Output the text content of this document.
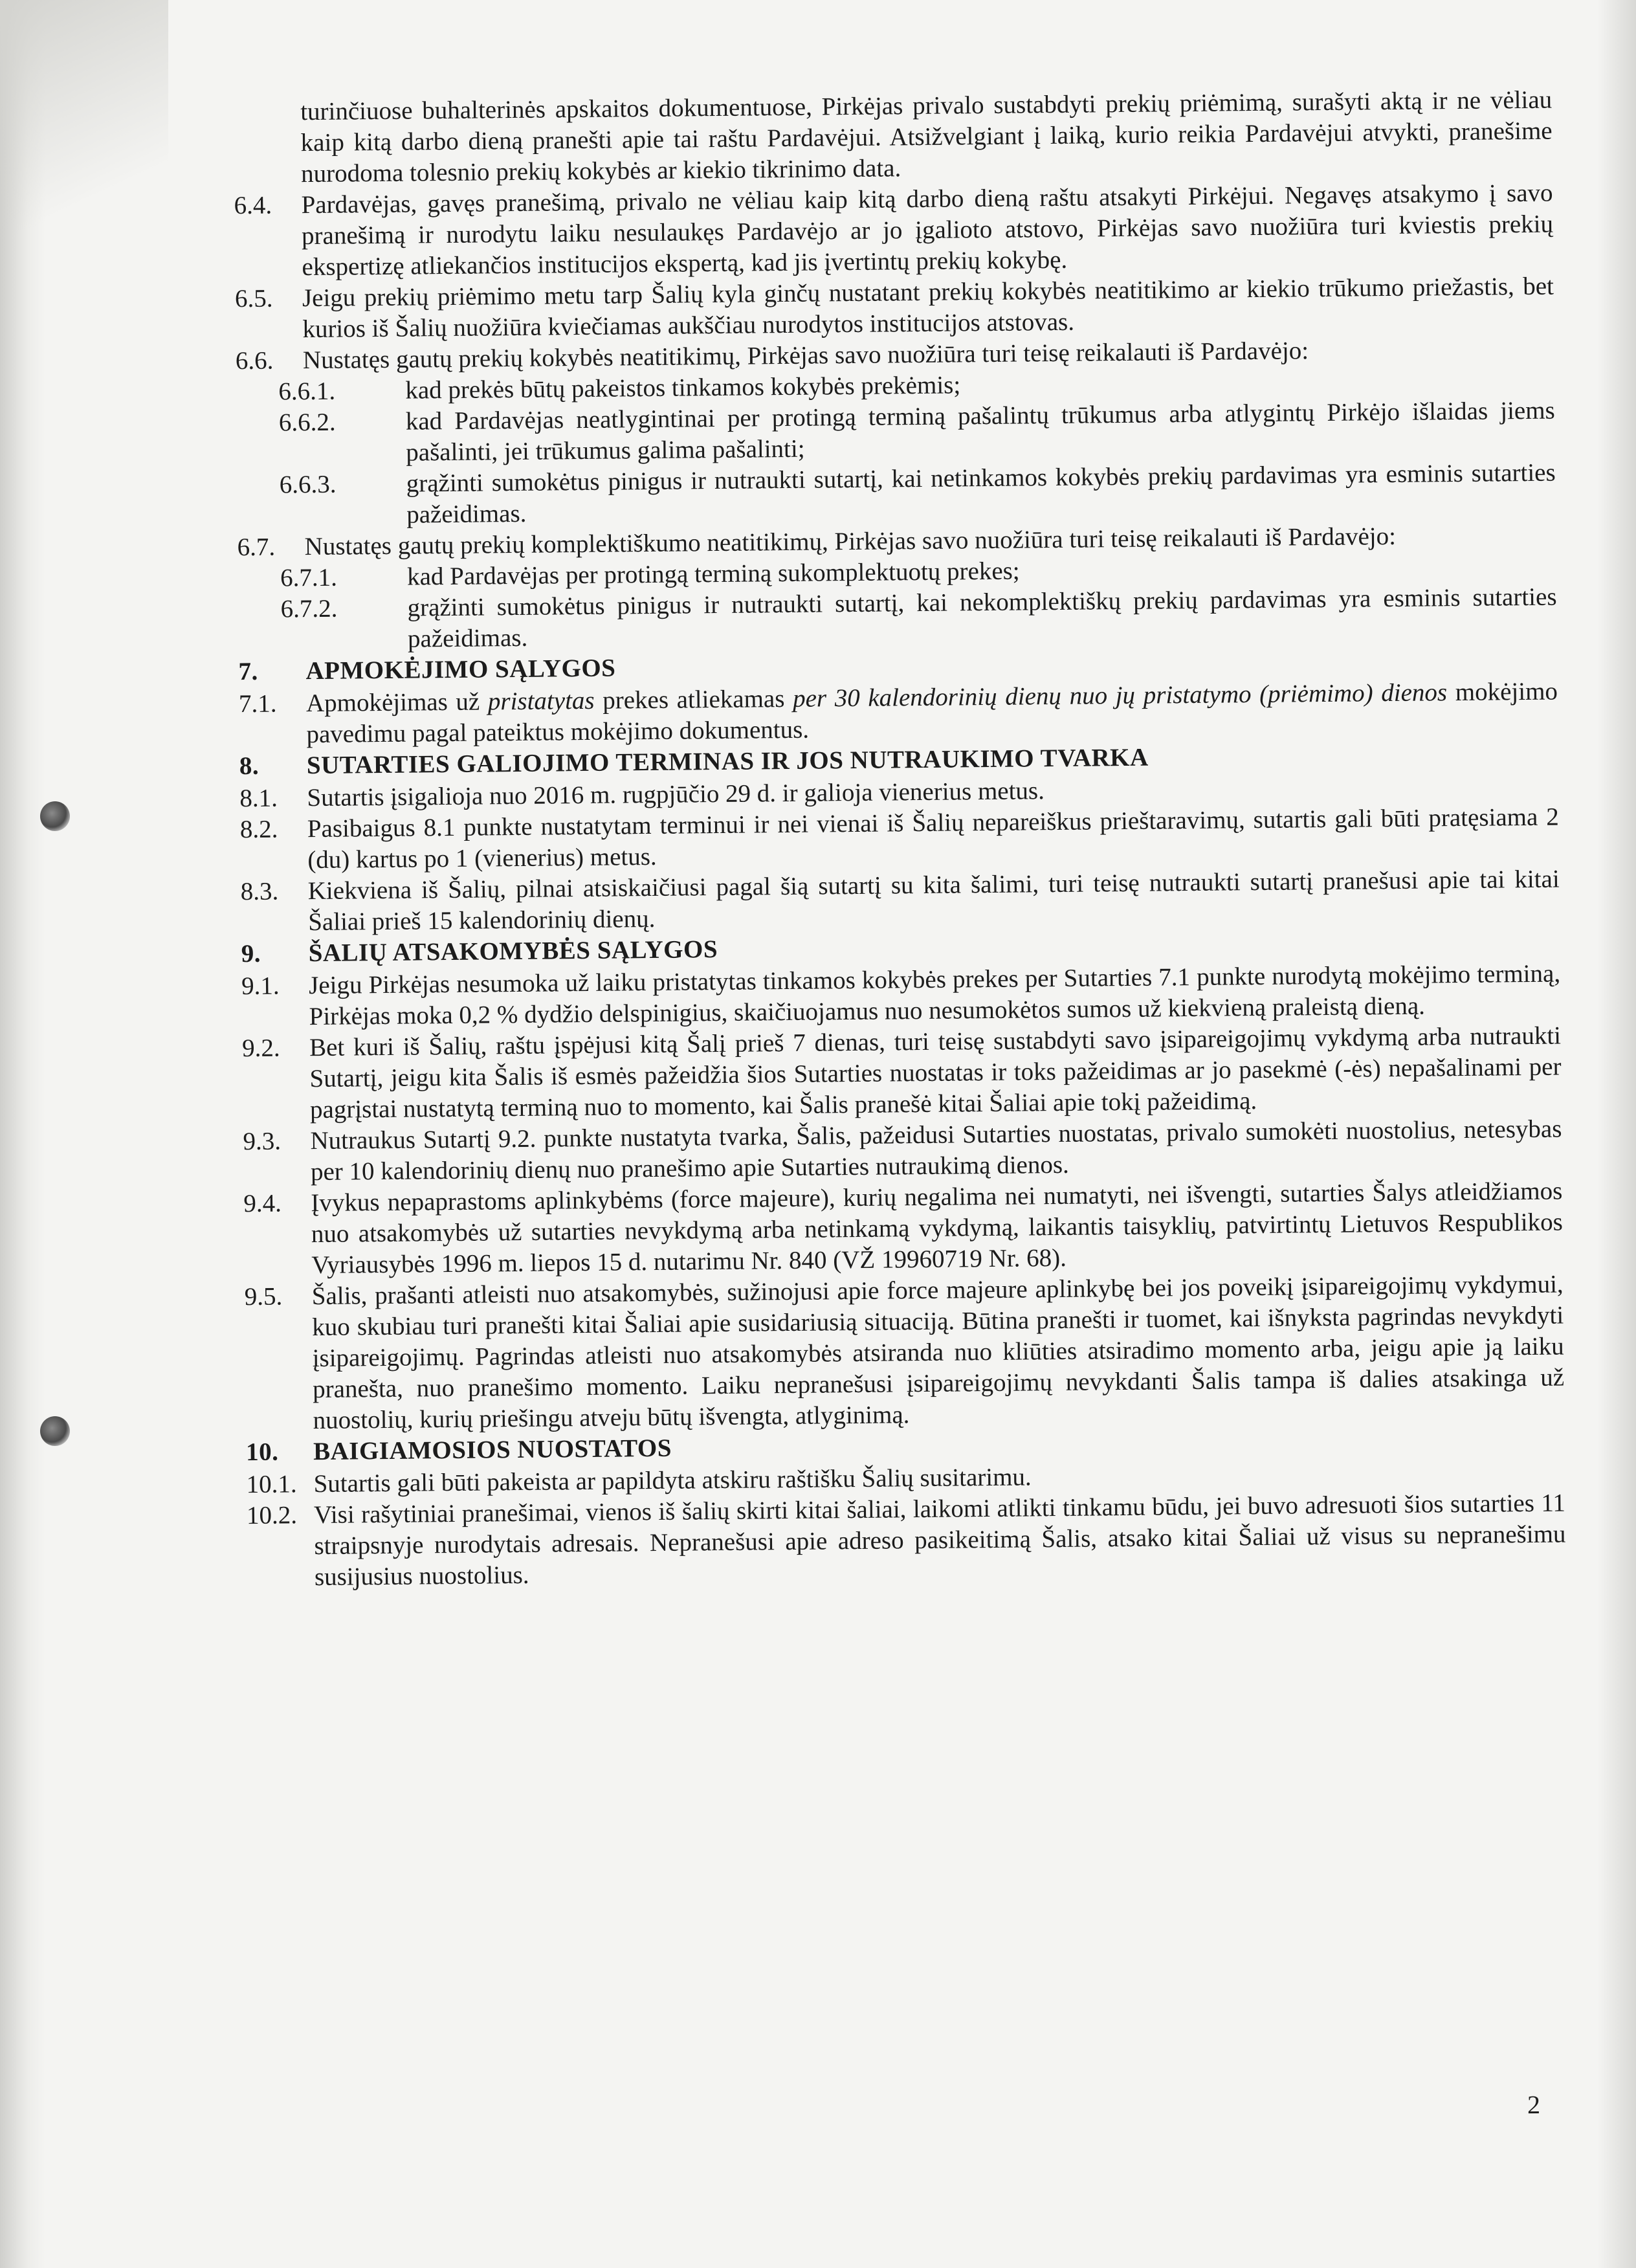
turinčiuose buhalterinės apskaitos dokumentuose, Pirkėjas privalo sustabdyti prekių priėmimą, surašyti aktą ir ne vėliau kaip kitą darbo dieną pranešti apie tai raštu Pardavėjui. Atsižvelgiant į laiką, kurio reikia Pardavėjui atvykti, pranešime nurodoma tolesnio prekių kokybės ar kiekio tikrinimo data.

6.4. Pardavėjas, gavęs pranešimą, privalo ne vėliau kaip kitą darbo dieną raštu atsakyti Pirkėjui. Negavęs atsakymo į savo pranešimą ir nurodytu laiku nesulaukęs Pardavėjo ar jo įgalioto atstovo, Pirkėjas savo nuožiūra turi kviestis prekių ekspertizę atliekančios institucijos ekspertą, kad jis įvertintų prekių kokybę.

6.5. Jeigu prekių priėmimo metu tarp Šalių kyla ginčų nustatant prekių kokybės neatitikimo ar kiekio trūkumo priežastis, bet kurios iš Šalių nuožiūra kviečiamas aukščiau nurodytos institucijos atstovas.

6.6. Nustatęs gautų prekių kokybės neatitikimų, Pirkėjas savo nuožiūra turi teisę reikalauti iš Pardavėjo:

6.6.1.	kad prekės būtų pakeistos tinkamos kokybės prekėmis;

6.6.2.	kad Pardavėjas neatlygintinai per protingą terminą pašalintų trūkumus arba atlygintų Pirkėjo išlaidas jiems pašalinti, jei trūkumus galima pašalinti;

6.6.3.	grąžinti sumokėtus pinigus ir nutraukti sutartį, kai netinkamos kokybės prekių pardavimas yra esminis sutarties pažeidimas.

6.7. Nustatęs gautų prekių komplektiškumo neatitikimų, Pirkėjas savo nuožiūra turi teisę reikalauti iš Pardavėjo:

6.7.1.	kad Pardavėjas per protingą terminą sukomplektuotų prekes;

6.7.2.	grąžinti sumokėtus pinigus ir nutraukti sutartį, kai nekomplektiškų prekių pardavimas yra esminis sutarties pažeidimas.

7. APMOKĖJIMO SĄLYGOS

7.1. Apmokėjimas už pristatytas prekes atliekamas per 30 kalendorinių dienų nuo jų pristatymo (priėmimo) dienos mokėjimo pavedimu pagal pateiktus mokėjimo dokumentus.

8. SUTARTIES GALIOJIMO TERMINAS IR JOS NUTRAUKIMO TVARKA

8.1. Sutartis įsigalioja nuo 2016 m. rugpjūčio 29 d. ir galioja vienerius metus.

8.2. Pasibaigus 8.1 punkte nustatytam terminui ir nei vienai iš Šalių nepareiškus prieštaravimų, sutartis gali būti pratęsiama 2 (du) kartus po 1 (vienerius) metus.

8.3. Kiekviena iš Šalių, pilnai atsiskaičiusi pagal šią sutartį su kita šalimi, turi teisę nutraukti sutartį pranešusi apie tai kitai Šaliai prieš 15 kalendorinių dienų.

9. ŠALIŲ ATSAKOMYBĖS SĄLYGOS

9.1. Jeigu Pirkėjas nesumoka už laiku pristatytas tinkamos kokybės prekes per Sutarties 7.1 punkte nurodytą mokėjimo terminą, Pirkėjas moka 0,2 % dydžio delspinigius, skaičiuojamus nuo nesumokėtos sumos už kiekvieną praleistą dieną.

9.2. Bet kuri iš Šalių, raštu įspėjusi kitą Šalį prieš 7 dienas, turi teisę sustabdyti savo įsipareigojimų vykdymą arba nutraukti Sutartį, jeigu kita Šalis iš esmės pažeidžia šios Sutarties nuostatas ir toks pažeidimas ar jo pasekmė (-ės) nepašalinami per pagrįstai nustatytą terminą nuo to momento, kai Šalis pranešė kitai Šaliai apie tokį pažeidimą.

9.3. Nutraukus Sutartį 9.2. punkte nustatyta tvarka, Šalis, pažeidusi Sutarties nuostatas, privalo sumokėti nuostolius, netesybas per 10 kalendorinių dienų nuo pranešimo apie Sutarties nutraukimą dienos.

9.4. Įvykus nepaprastoms aplinkybėms (force majeure), kurių negalima nei numatyti, nei išvengti, sutarties Šalys atleidžiamos nuo atsakomybės už sutarties nevykdymą arba netinkamą vykdymą, laikantis taisyklių, patvirtintų Lietuvos Respublikos Vyriausybės 1996 m. liepos 15 d. nutarimu Nr. 840 (VŽ 19960719 Nr. 68).

9.5. Šalis, prašanti atleisti nuo atsakomybės, sužinojusi apie force majeure aplinkybę bei jos poveikį įsipareigojimų vykdymui, kuo skubiau turi pranešti kitai Šaliai apie susidariusią situaciją. Būtina pranešti ir tuomet, kai išnyksta pagrindas nevykdyti įsipareigojimų. Pagrindas atleisti nuo atsakomybės atsiranda nuo kliūties atsiradimo momento arba, jeigu apie ją laiku pranešta, nuo pranešimo momento. Laiku nepranešusi įsipareigojimų nevykdanti Šalis tampa iš dalies atsakinga už nuostolių, kurių priešingu atveju būtų išvengta, atlyginimą.

10. BAIGIAMOSIOS NUOSTATOS

10.1. Sutartis gali būti pakeista ar papildyta atskiru raštišku Šalių susitarimu.

10.2. Visi rašytiniai pranešimai, vienos iš šalių skirti kitai šaliai, laikomi atlikti tinkamu būdu, jei buvo adresuoti šios sutarties 11 straipsnyje nurodytais adresais. Nepranešusi apie adreso pasikeitimą Šalis, atsako kitai Šaliai už visus su nepranešimu susijusius nuostolius.

2
